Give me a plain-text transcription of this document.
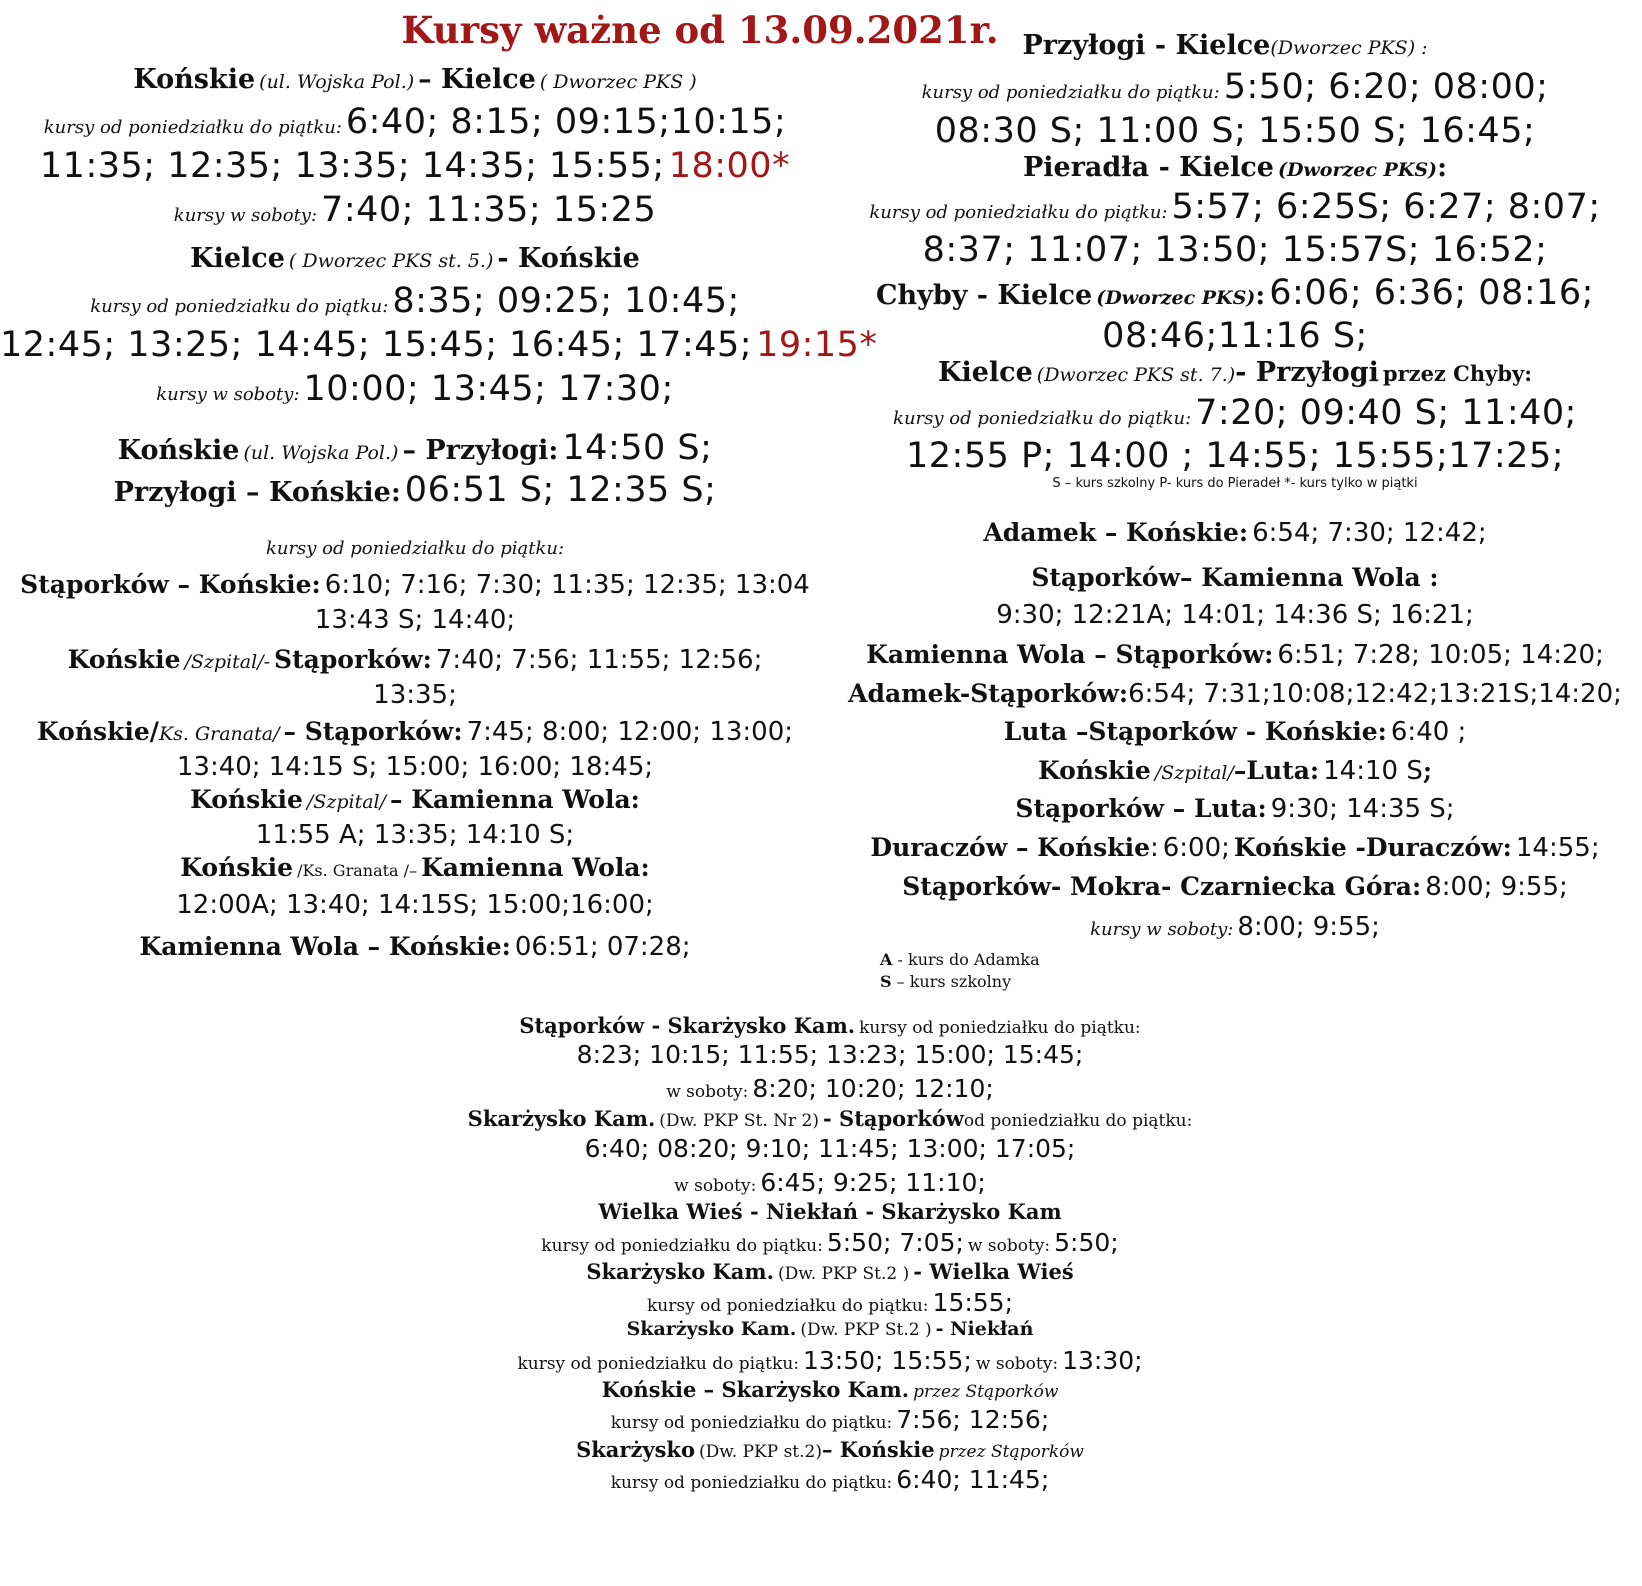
Kursy ważne od 13.09.2021r.
Końskie (ul. Wojska Pol.) – Kielce ( Dworzec PKS )
kursy od poniedziałku do piątku: 6:40; 8:15; 09:15;10:15;
11:35; 12:35; 13:35; 14:35; 15:55; 18:00*
kursy w soboty: 7:40; 11:35; 15:25
Kielce ( Dworzec PKS st. 5.) - Końskie
kursy od poniedziałku do piątku: 8:35; 09:25; 10:45;
12:45; 13:25; 14:45; 15:45; 16:45; 17:45; 19:15*
kursy w soboty: 10:00; 13:45; 17:30;
Końskie (ul. Wojska Pol.) – Przyłogi: 14:50 S;
Przyłogi – Końskie: 06:51 S; 12:35 S;
kursy od poniedziałku do piątku:
Stąporków – Końskie: 6:10; 7:16; 7:30; 11:35; 12:35; 13:04
13:43 S; 14:40;
Końskie /Szpital/- Stąporków: 7:40; 7:56; 11:55; 12:56;
13:35;
Końskie/Ks. Granata/ – Stąporków: 7:45; 8:00; 12:00; 13:00;
13:40; 14:15 S; 15:00; 16:00; 18:45;
Końskie /Szpital/ – Kamienna Wola:
11:55 A; 13:35; 14:10 S;
Końskie /Ks. Granata /– Kamienna Wola:
12:00A; 13:40; 14:15S; 15:00;16:00;
Kamienna Wola – Końskie: 06:51; 07:28;
Przyłogi - Kielce(Dworzec PKS) :
kursy od poniedziałku do piątku: 5:50; 6:20; 08:00;
08:30 S; 11:00 S; 15:50 S; 16:45;
Pieradła - Kielce (Dworzec PKS):
kursy od poniedziałku do piątku: 5:57; 6:25S; 6:27; 8:07;
8:37; 11:07; 13:50; 15:57S; 16:52;
Chyby - Kielce (Dworzec PKS): 6:06; 6:36; 08:16;
08:46;11:16 S;
Kielce (Dworzec PKS st. 7.)- Przyłogi przez Chyby:
kursy od poniedziałku do piątku: 7:20; 09:40 S; 11:40;
12:55 P; 14:00 ; 14:55; 15:55;17:25;
S – kurs szkolny P- kurs do Pieradeł *- kurs tylko w piątki
Adamek – Końskie: 6:54; 7:30; 12:42;
Stąporków– Kamienna Wola :
9:30; 12:21A; 14:01; 14:36 S; 16:21;
Kamienna Wola – Stąporków: 6:51; 7:28; 10:05; 14:20;
Adamek-Stąporków:6:54; 7:31;10:08;12:42;13:21S;14:20;
Luta –Stąporków - Końskie: 6:40 ;
Końskie /Szpital/–Luta: 14:10 S;
Stąporków – Luta: 9:30; 14:35 S;
Duraczów – Końskie: 6:00; Końskie -Duraczów: 14:55;
Stąporków- Mokra- Czarniecka Góra: 8:00; 9:55;
kursy w soboty: 8:00; 9:55;
A - kurs do Adamka
S – kurs szkolny
Stąporków - Skarżysko Kam. kursy od poniedziałku do piątku:
8:23; 10:15; 11:55; 13:23; 15:00; 15:45;
w soboty: 8:20; 10:20; 12:10;
Skarżysko Kam. (Dw. PKP St. Nr 2) - Stąporkówod poniedziałku do piątku:
6:40; 08:20; 9:10; 11:45; 13:00; 17:05;
w soboty: 6:45; 9:25; 11:10;
Wielka Wieś - Niekłań - Skarżysko Kam
kursy od poniedziałku do piątku: 5:50; 7:05; w soboty: 5:50;
Skarżysko Kam. (Dw. PKP St.2 ) - Wielka Wieś
kursy od poniedziałku do piątku: 15:55;
Skarżysko Kam. (Dw. PKP St.2 ) - Niekłań
kursy od poniedziałku do piątku: 13:50; 15:55; w soboty: 13:30;
Końskie – Skarżysko Kam. przez Stąporków
kursy od poniedziałku do piątku: 7:56; 12:56;
Skarżysko (Dw. PKP st.2)– Końskie przez Stąporków
kursy od poniedziałku do piątku: 6:40; 11:45;
